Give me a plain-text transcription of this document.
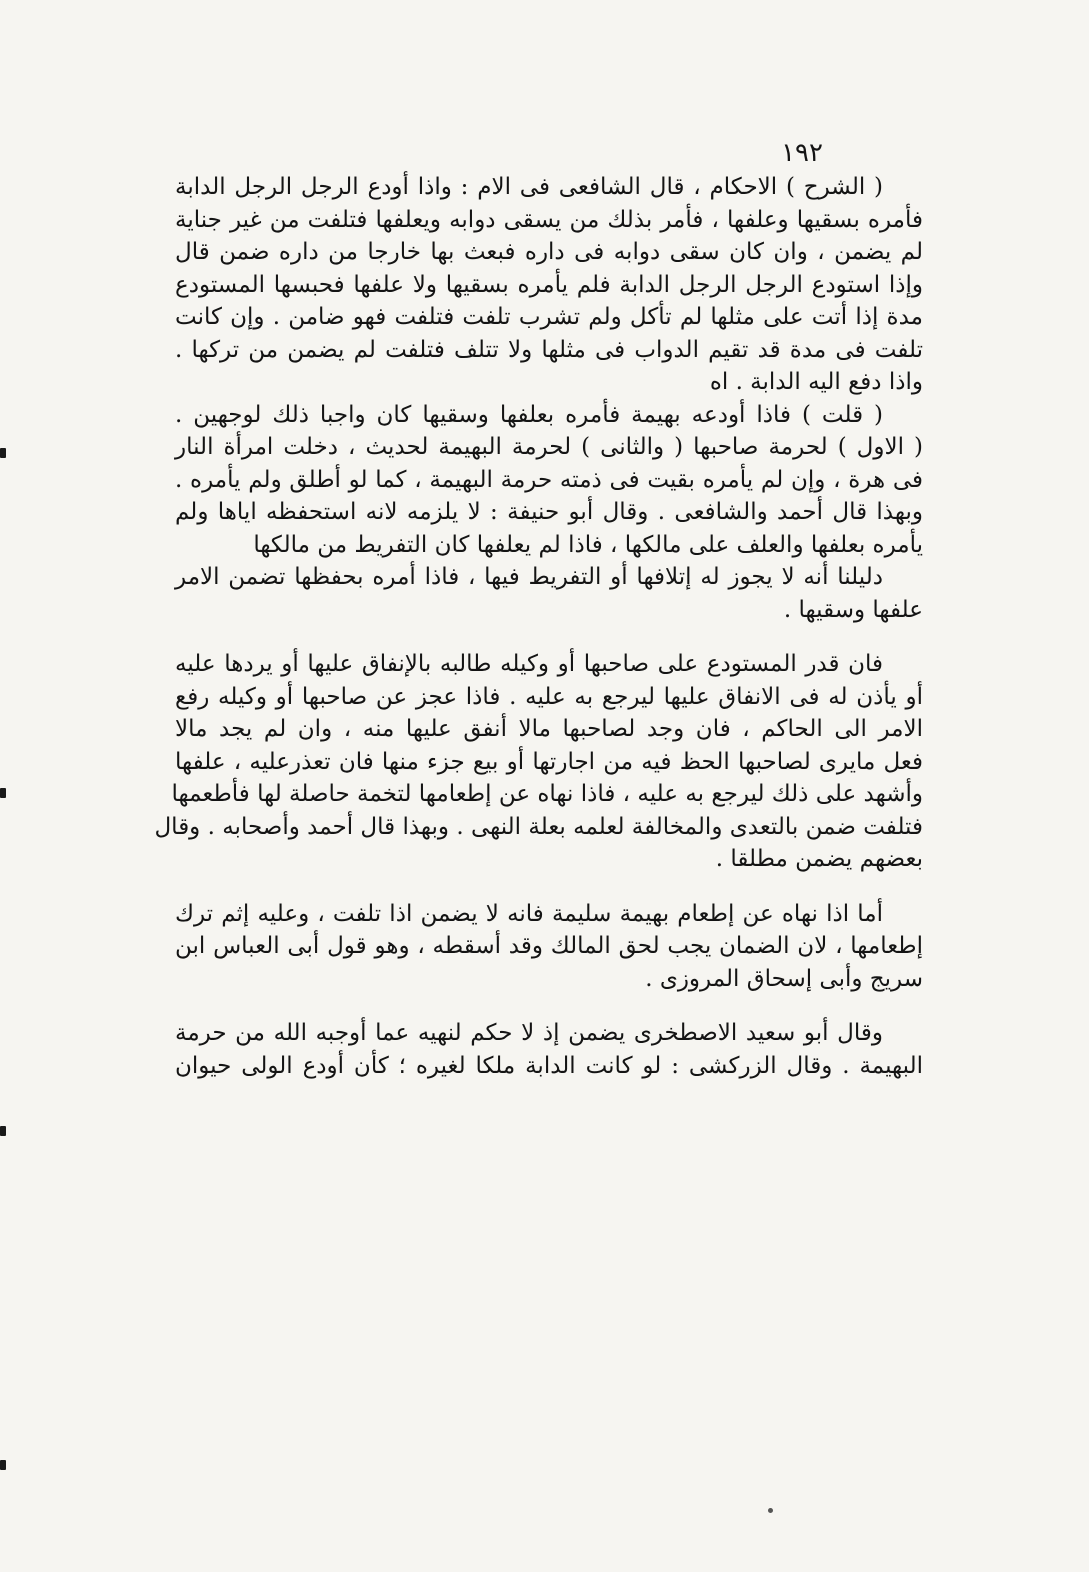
١٩٢
( الشرح ) الاحكام ، قال الشافعى فى الام : واذا أودع الرجل الرجل الدابة
فأمره بسقيها وعلفها ، فأمر بذلك من يسقى دوابه ويعلفها فتلفت من غير جناية
لم يضمن ، وان كان سقى دوابه فى داره فبعث بها خارجا من داره ضمن قال
وإذا استودع الرجل الرجل الدابة فلم يأمره بسقيها ولا علفها فحبسها المستودع
مدة إذا أتت على مثلها لم تأكل ولم تشرب تلفت فتلفت فهو ضامن . وإن كانت
تلفت فى مدة قد تقيم الدواب فى مثلها ولا تتلف فتلفت لم يضمن من تركها .
واذا دفع اليه الدابة . اه
( قلت ) فاذا أودعه بهيمة فأمره بعلفها وسقيها كان واجبا ذلك لوجهين .
( الاول ) لحرمة صاحبها ( والثانى ) لحرمة البهيمة لحديث ، دخلت امرأة النار
فى هرة ، وإن لم يأمره بقيت فى ذمته حرمة البهيمة ، كما لو أطلق ولم يأمره .
وبهذا قال أحمد والشافعى . وقال أبو حنيفة : لا يلزمه لانه استحفظه اياها ولم
يأمره بعلفها والعلف على مالكها ، فاذا لم يعلفها كان التفريط من مالكها
دليلنا أنه لا يجوز له إتلافها أو التفريط فيها ، فاذا أمره بحفظها تضمن الامر
علفها وسقيها .
فان قدر المستودع على صاحبها أو وكيله طالبه بالإنفاق عليها أو يردها عليه
أو يأذن له فى الانفاق عليها ليرجع به عليه . فاذا عجز عن صاحبها أو وكيله رفع
الامر الى الحاكم ، فان وجد لصاحبها مالا أنفق عليها منه ، وان لم يجد مالا
فعل مايرى لصاحبها الحظ فيه من اجارتها أو بيع جزء منها فان تعذرعليه ، علفها
وأشهد على ذلك ليرجع به عليه ، فاذا نهاه عن إطعامها لتخمة حاصلة لها فأطعمها
فتلفت ضمن بالتعدى والمخالفة لعلمه بعلة النهى . وبهذا قال أحمد وأصحابه . وقال
بعضهم يضمن مطلقا .
أما اذا نهاه عن إطعام بهيمة سليمة فانه لا يضمن اذا تلفت ، وعليه إثم ترك
إطعامها ، لان الضمان يجب لحق المالك وقد أسقطه ، وهو قول أبى العباس ابن
سريج وأبى إسحاق المروزى .
وقال أبو سعيد الاصطخرى يضمن إذ لا حكم لنهيه عما أوجبه الله من حرمة
البهيمة . وقال الزركشى : لو كانت الدابة ملكا لغيره ؛ كأن أودع الولى حيوان
